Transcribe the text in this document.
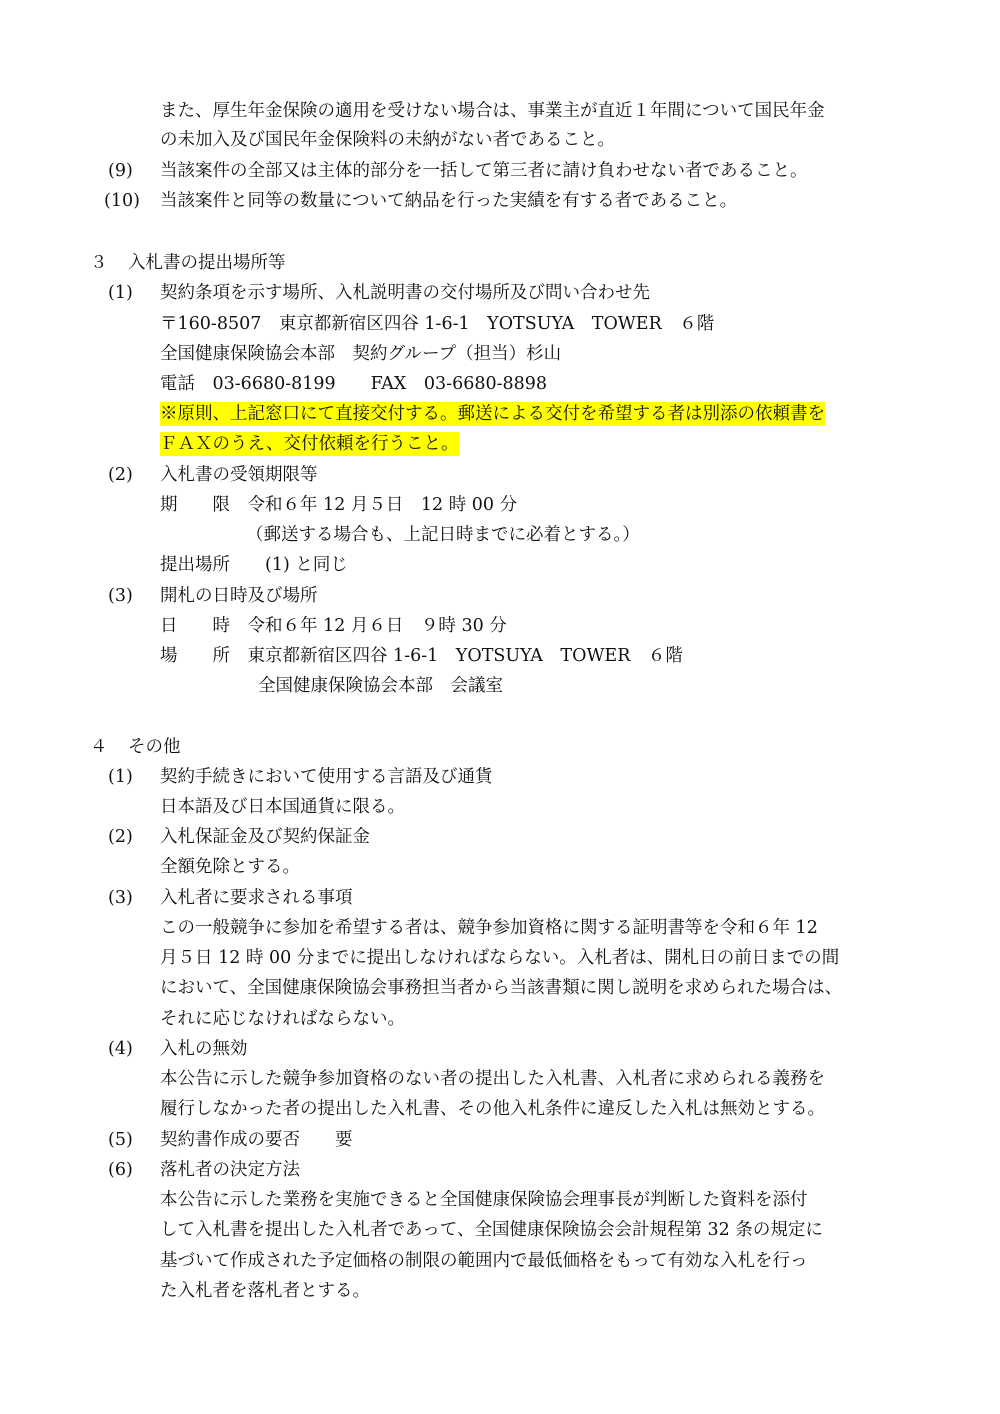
また、厚生年金保険の適用を受けない場合は、事業主が直近１年間について国民年金
の未加入及び国民年金保険料の未納がない者であること。
(9) 当該案件の全部又は主体的部分を一括して第三者に請け負わせない者であること。
(10) 当該案件と同等の数量について納品を行った実績を有する者であること。
３ 入札書の提出場所等
(1) 契約条項を示す場所、入札説明書の交付場所及び問い合わせ先
〒160-8507　東京都新宿区四谷 1-6-1　YOTSUYA　TOWER　６階
全国健康保険協会本部　契約グループ（担当）杉山
電話　03-6680-8199　　FAX　03-6680-8898
※原則、上記窓口にて直接交付する。郵送による交付を希望する者は別添の依頼書を
ＦＡＸのうえ、交付依頼を行うこと。
(2) 入札書の受領期限等
期　　限　令和６年 12 月５日　12 時 00 分
（郵送する場合も、上記日時までに必着とする。）
提出場所　　(1) と同じ
(3) 開札の日時及び場所
日　　時　令和６年 12 月６日　９時 30 分
場　　所　東京都新宿区四谷 1-6-1　YOTSUYA　TOWER　６階
全国健康保険協会本部　会議室
４ その他
(1) 契約手続きにおいて使用する言語及び通貨
日本語及び日本国通貨に限る。
(2) 入札保証金及び契約保証金
全額免除とする。
(3) 入札者に要求される事項
この一般競争に参加を希望する者は、競争参加資格に関する証明書等を令和６年 12
月５日 12 時 00 分までに提出しなければならない。入札者は、開札日の前日までの間
において、全国健康保険協会事務担当者から当該書類に関し説明を求められた場合は、
それに応じなければならない。
(4) 入札の無効
本公告に示した競争参加資格のない者の提出した入札書、入札者に求められる義務を
履行しなかった者の提出した入札書、その他入札条件に違反した入札は無効とする。
(5) 契約書作成の要否　　要
(6) 落札者の決定方法
本公告に示した業務を実施できると全国健康保険協会理事長が判断した資料を添付
して入札書を提出した入札者であって、全国健康保険協会会計規程第 32 条の規定に
基づいて作成された予定価格の制限の範囲内で最低価格をもって有効な入札を行っ
た入札者を落札者とする。
